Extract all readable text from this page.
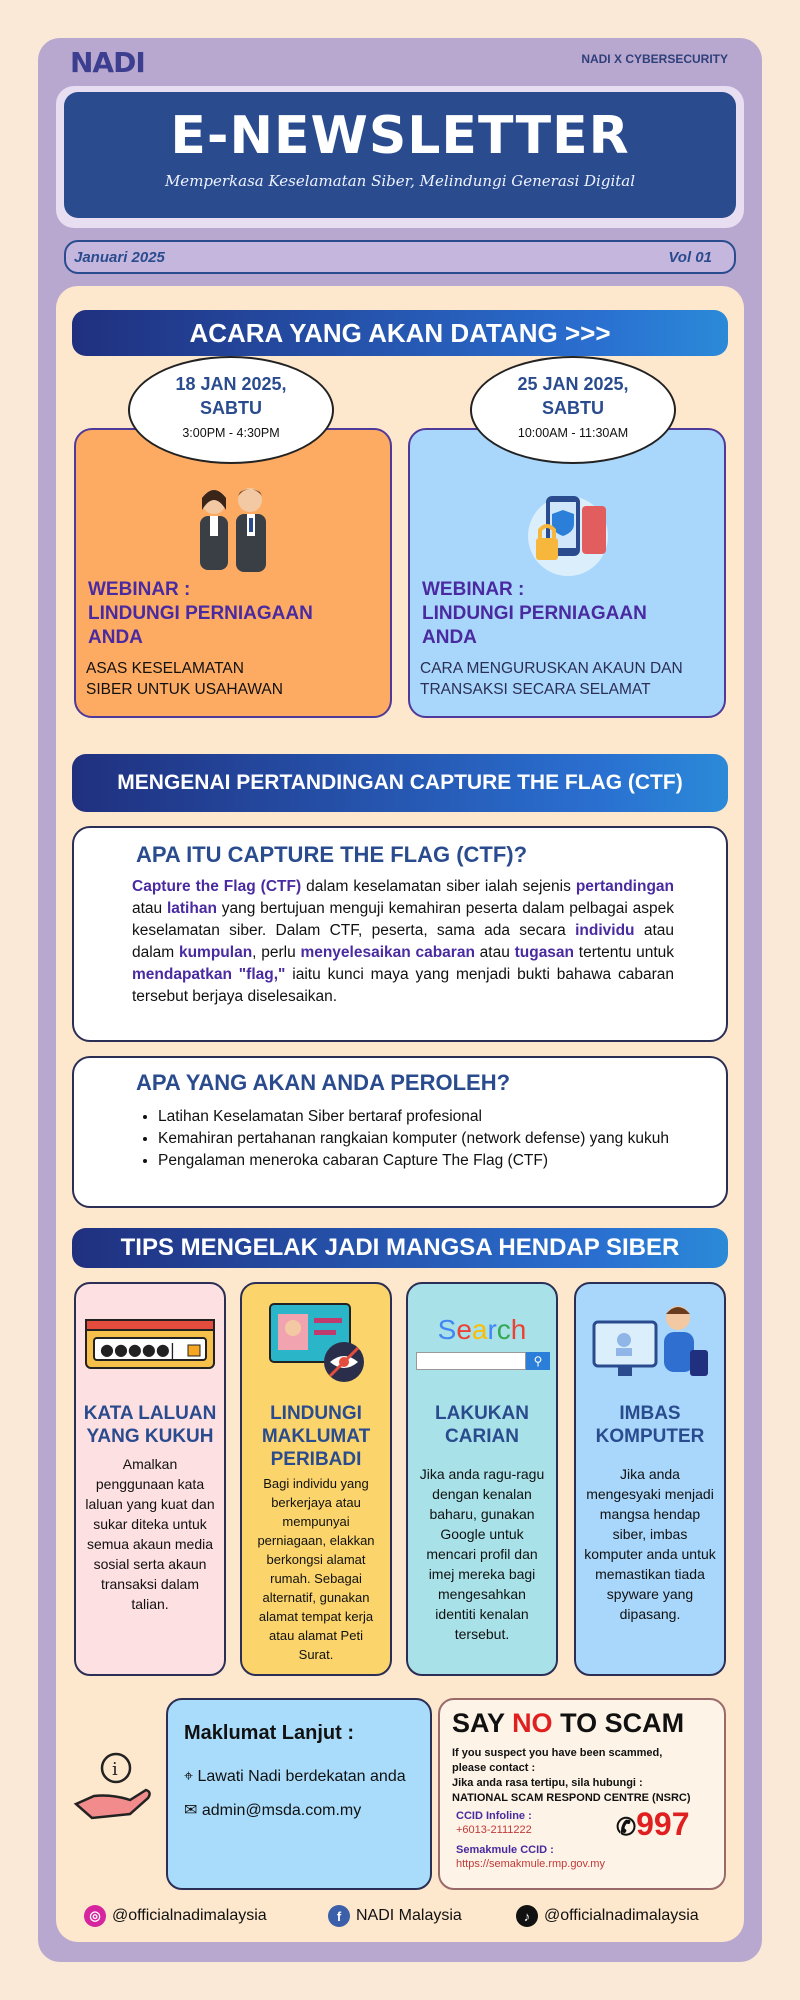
NADI	NADI X CYBERSECURITY
E-NEWSLETTER

Memperkasa Keselamatan Siber, Melindungi Generasi Digital

Januari 2025	Vol 01
ACARA YANG AKAN DATANG >>>
WEBINAR :
LINDUNGI PERNIAGAAN
ANDA
ASAS KESELAMATAN
SIBER UNTUK USAHAWAN
18 JAN 2025,
SABTU
3:00PM - 4:30PM
WEBINAR :
LINDUNGI PERNIAGAAN
ANDA
CARA MENGURUSKAN AKAUN DAN
TRANSAKSI SECARA SELAMAT
25 JAN 2025,
SABTU
10:00AM - 11:30AM
MENGENAI PERTANDINGAN CAPTURE THE FLAG (CTF)
APA ITU CAPTURE THE FLAG (CTF)?
Capture the Flag (CTF) dalam keselamatan siber ialah sejenis pertandingan atau latihan yang bertujuan menguji kemahiran peserta dalam pelbagai aspek keselamatan siber. Dalam CTF, peserta, sama ada secara individu atau dalam kumpulan, perlu menyelesaikan cabaran atau tugasan tertentu untuk mendapatkan "flag," iaitu kunci maya yang menjadi bukti bahawa cabaran tersebut berjaya diselesaikan.
APA YANG AKAN ANDA PEROLEH?
• Latihan Keselamatan Siber bertaraf profesional
• Kemahiran pertahanan rangkaian komputer (network defense) yang kukuh
• Pengalaman meneroka cabaran Capture The Flag (CTF)
TIPS MENGELAK JADI MANGSA HENDAP SIBER
●●●●●|
KATA LALUAN YANG KUKUH

Amalkan penggunaan kata laluan yang kuat dan sukar diteka untuk semua akaun media sosial serta akaun transaksi dalam talian.

LINDUNGI MAKLUMAT PERIBADI

Bagi individu yang berkerjaya atau mempunyai perniagaan, elakkan berkongsi alamat rumah. Sebagai alternatif, gunakan alamat tempat kerja atau alamat Peti Surat.

Search
⚲
LAKUKAN CARIAN

Jika anda ragu-ragu dengan kenalan baharu, gunakan Google untuk mencari profil dan imej mereka bagi mengesahkan identiti kenalan tersebut.

IMBAS KOMPUTER

Jika anda mengesyaki menjadi mangsa hendap siber, imbas komputer anda untuk memastikan tiada spyware yang dipasang.

i
Maklumat Lanjut :
⌖ Lawati Nadi berdekatan anda
✉ admin@msda.com.my
SAY NO TO SCAM
If you suspect you have been scammed,
please contact :
Jika anda rasa tertipu, sila hubungi :
NATIONAL SCAM RESPOND CENTRE (NSRC)
CCID Infoline :
+6013-2111222	✆997
Semakmule CCID :
https://semakmule.rmp.gov.my
◎ @officialnadimalaysia	f NADI Malaysia	♪ @officialnadimalaysia
